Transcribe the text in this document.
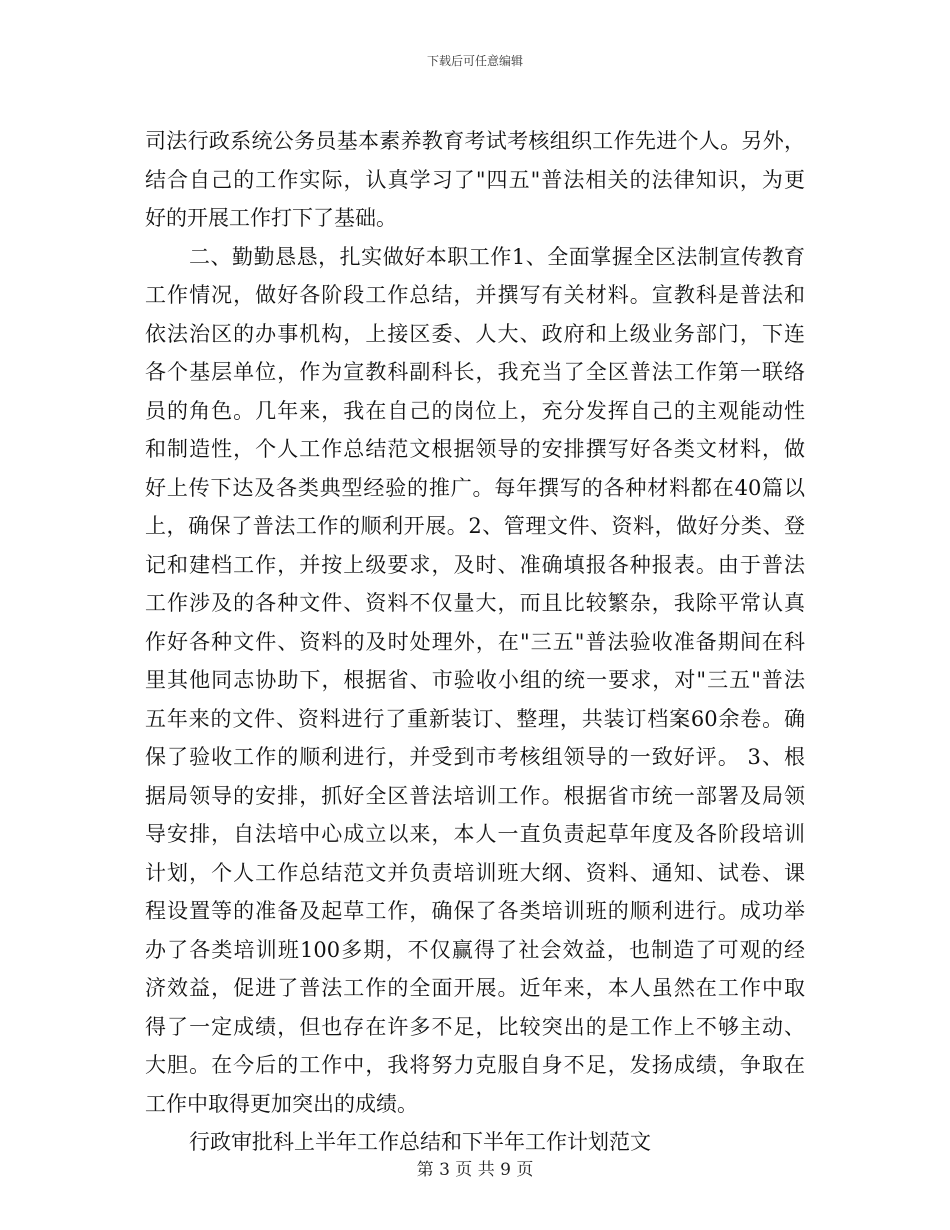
下载后可任意编辑
司法行政系统公务员基本素养教育考试考核组织工作先进个人。另外，
结合自己的工作实际，认真学习了"四五"普法相关的法律知识，为更
好的开展工作打下了基础。
二、勤勤恳恳，扎实做好本职工作1、全面掌握全区法制宣传教育
工作情况，做好各阶段工作总结，并撰写有关材料。宣教科是普法和
依法治区的办事机构，上接区委、人大、政府和上级业务部门，下连
各个基层单位，作为宣教科副科长，我充当了全区普法工作第一联络
员的角色。几年来，我在自己的岗位上，充分发挥自己的主观能动性
和制造性，个人工作总结范文根据领导的安排撰写好各类文材料，做
好上传下达及各类典型经验的推广。每年撰写的各种材料都在40篇以
上，确保了普法工作的顺利开展。2、管理文件、资料，做好分类、登
记和建档工作，并按上级要求，及时、准确填报各种报表。由于普法
工作涉及的各种文件、资料不仅量大，而且比较繁杂，我除平常认真
作好各种文件、资料的及时处理外，在"三五"普法验收准备期间在科
里其他同志协助下，根据省、市验收小组的统一要求，对"三五"普法
五年来的文件、资料进行了重新装订、整理，共装订档案60余卷。确
保了验收工作的顺利进行，并受到市考核组领导的一致好评。 3、根
据局领导的安排，抓好全区普法培训工作。根据省市统一部署及局领
导安排，自法培中心成立以来，本人一直负责起草年度及各阶段培训
计划，个人工作总结范文并负责培训班大纲、资料、通知、试卷、课
程设置等的准备及起草工作，确保了各类培训班的顺利进行。成功举
办了各类培训班100多期，不仅赢得了社会效益，也制造了可观的经
济效益，促进了普法工作的全面开展。近年来，本人虽然在工作中取
得了一定成绩，但也存在许多不足，比较突出的是工作上不够主动、
大胆。在今后的工作中，我将努力克服自身不足，发扬成绩，争取在
工作中取得更加突出的成绩。
行政审批科上半年工作总结和下半年工作计划范文
第 3 页 共 9 页
